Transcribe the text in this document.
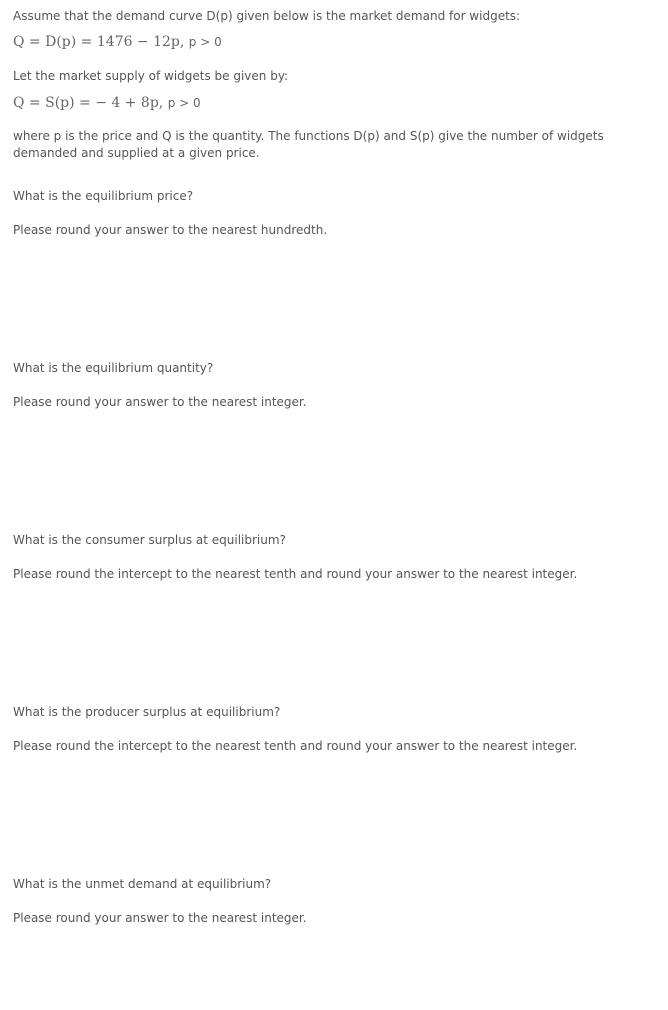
Assume that the demand curve D(p) given below is the market demand for widgets:
Q = D(p) = 1476 − 12p, p > 0
Let the market supply of widgets be given by:
Q = S(p) = − 4 + 8p, p > 0
where p is the price and Q is the quantity. The functions D(p) and S(p) give the number of widgets demanded and supplied at a given price.
What is the equilibrium price?
Please round your answer to the nearest hundredth.
What is the equilibrium quantity?
Please round your answer to the nearest integer.
What is the consumer surplus at equilibrium?
Please round the intercept to the nearest tenth and round your answer to the nearest integer.
What is the producer surplus at equilibrium?
Please round the intercept to the nearest tenth and round your answer to the nearest integer.
What is the unmet demand at equilibrium?
Please round your answer to the nearest integer.
